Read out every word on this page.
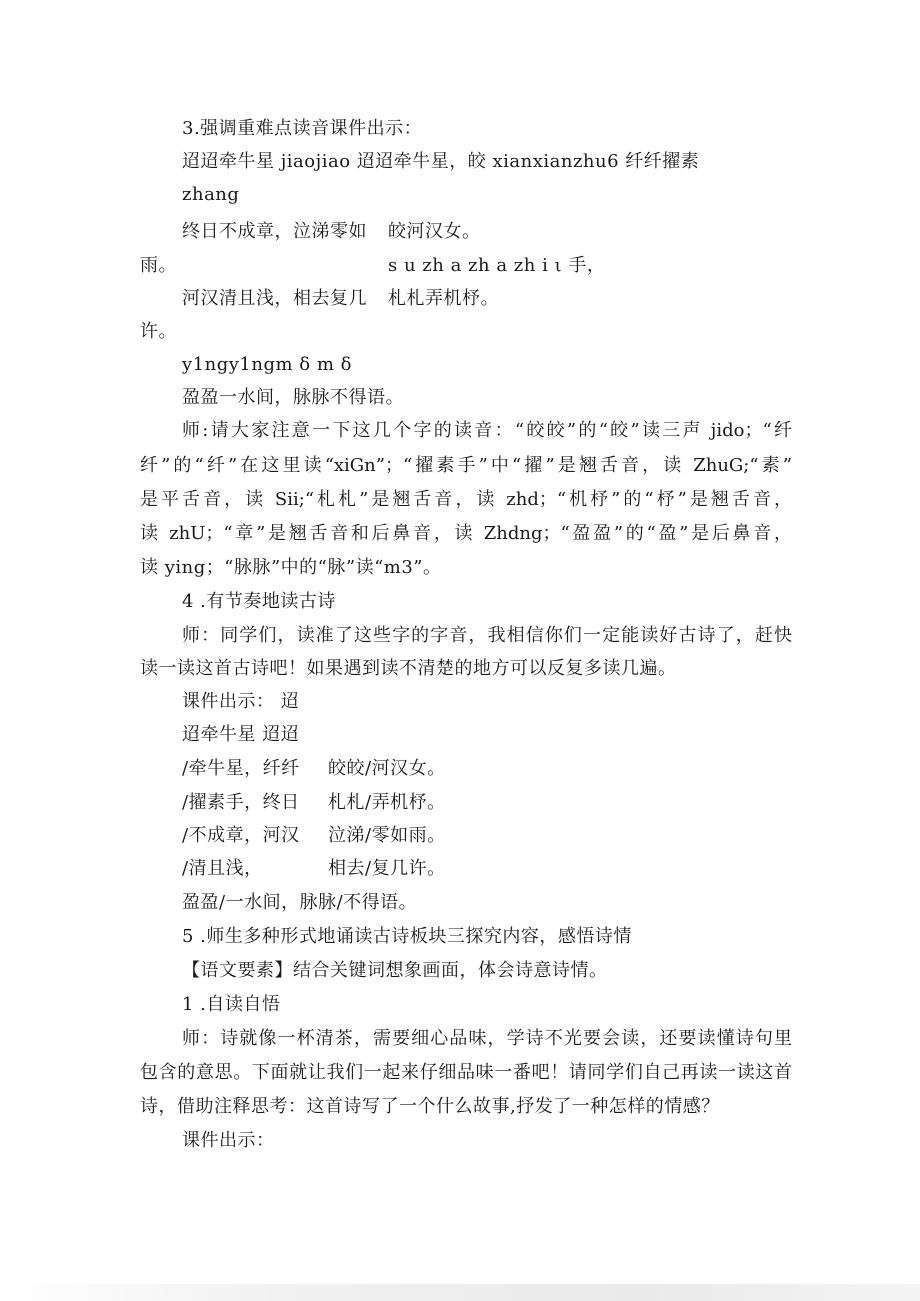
3.强调重难点读音课件出示：
迢迢牵牛星 jiaojiao 迢迢牵牛星，皎 xianxianzhu6 纤纤擢素
zhang
终日不成章，泣涕零如 皎河汉女。
雨。	s u zh a zh a zh i ι 手，
河汉清且浅，相去复几 札札弄机杼。
许。
y1ngy1ngm δ m δ
盈盈一水间，脉脉不得语。
师:请大家注意一下这几个字的读音：“皎皎”的“皎”读三声 jido；“纤
纤”的“纤”在这里读“xiGn”；“擢素手”中“擢”是翘舌音，读 ZhuG;“素”
是平舌音，读 Sii;“札札”是翘舌音，读 zhd；“机杼”的“杼”是翘舌音，
读 zhU；“章”是翘舌音和后鼻音，读 Zhdng；“盈盈”的“盈”是后鼻音，
读 ying；“脉脉”中的“脉”读“m3”。
4 .有节奏地读古诗
师：同学们，读准了这些字的字音，我相信你们一定能读好古诗了，赶快
读一读这首古诗吧！如果遇到读不清楚的地方可以反复多读几遍。
课件出示： 迢
迢牵牛星 迢迢
/牵牛星，纤纤 皎皎/河汉女。
/擢素手，终日 札札/弄机杼。
/不成章，河汉 泣涕/零如雨。
/清且浅，	相去/复几许。
盈盈/一水间，脉脉/不得语。
5 .师生多种形式地诵读古诗板块三探究内容，感悟诗情
【语文要素】结合关键词想象画面，体会诗意诗情。
1 .自读自悟
师：诗就像一杯清茶，需要细心品味，学诗不光要会读，还要读懂诗句里
包含的意思。下面就让我们一起来仔细品味一番吧！请同学们自己再读一读这首
诗，借助注释思考：这首诗写了一个什么故事,抒发了一种怎样的情感？
课件出示：
